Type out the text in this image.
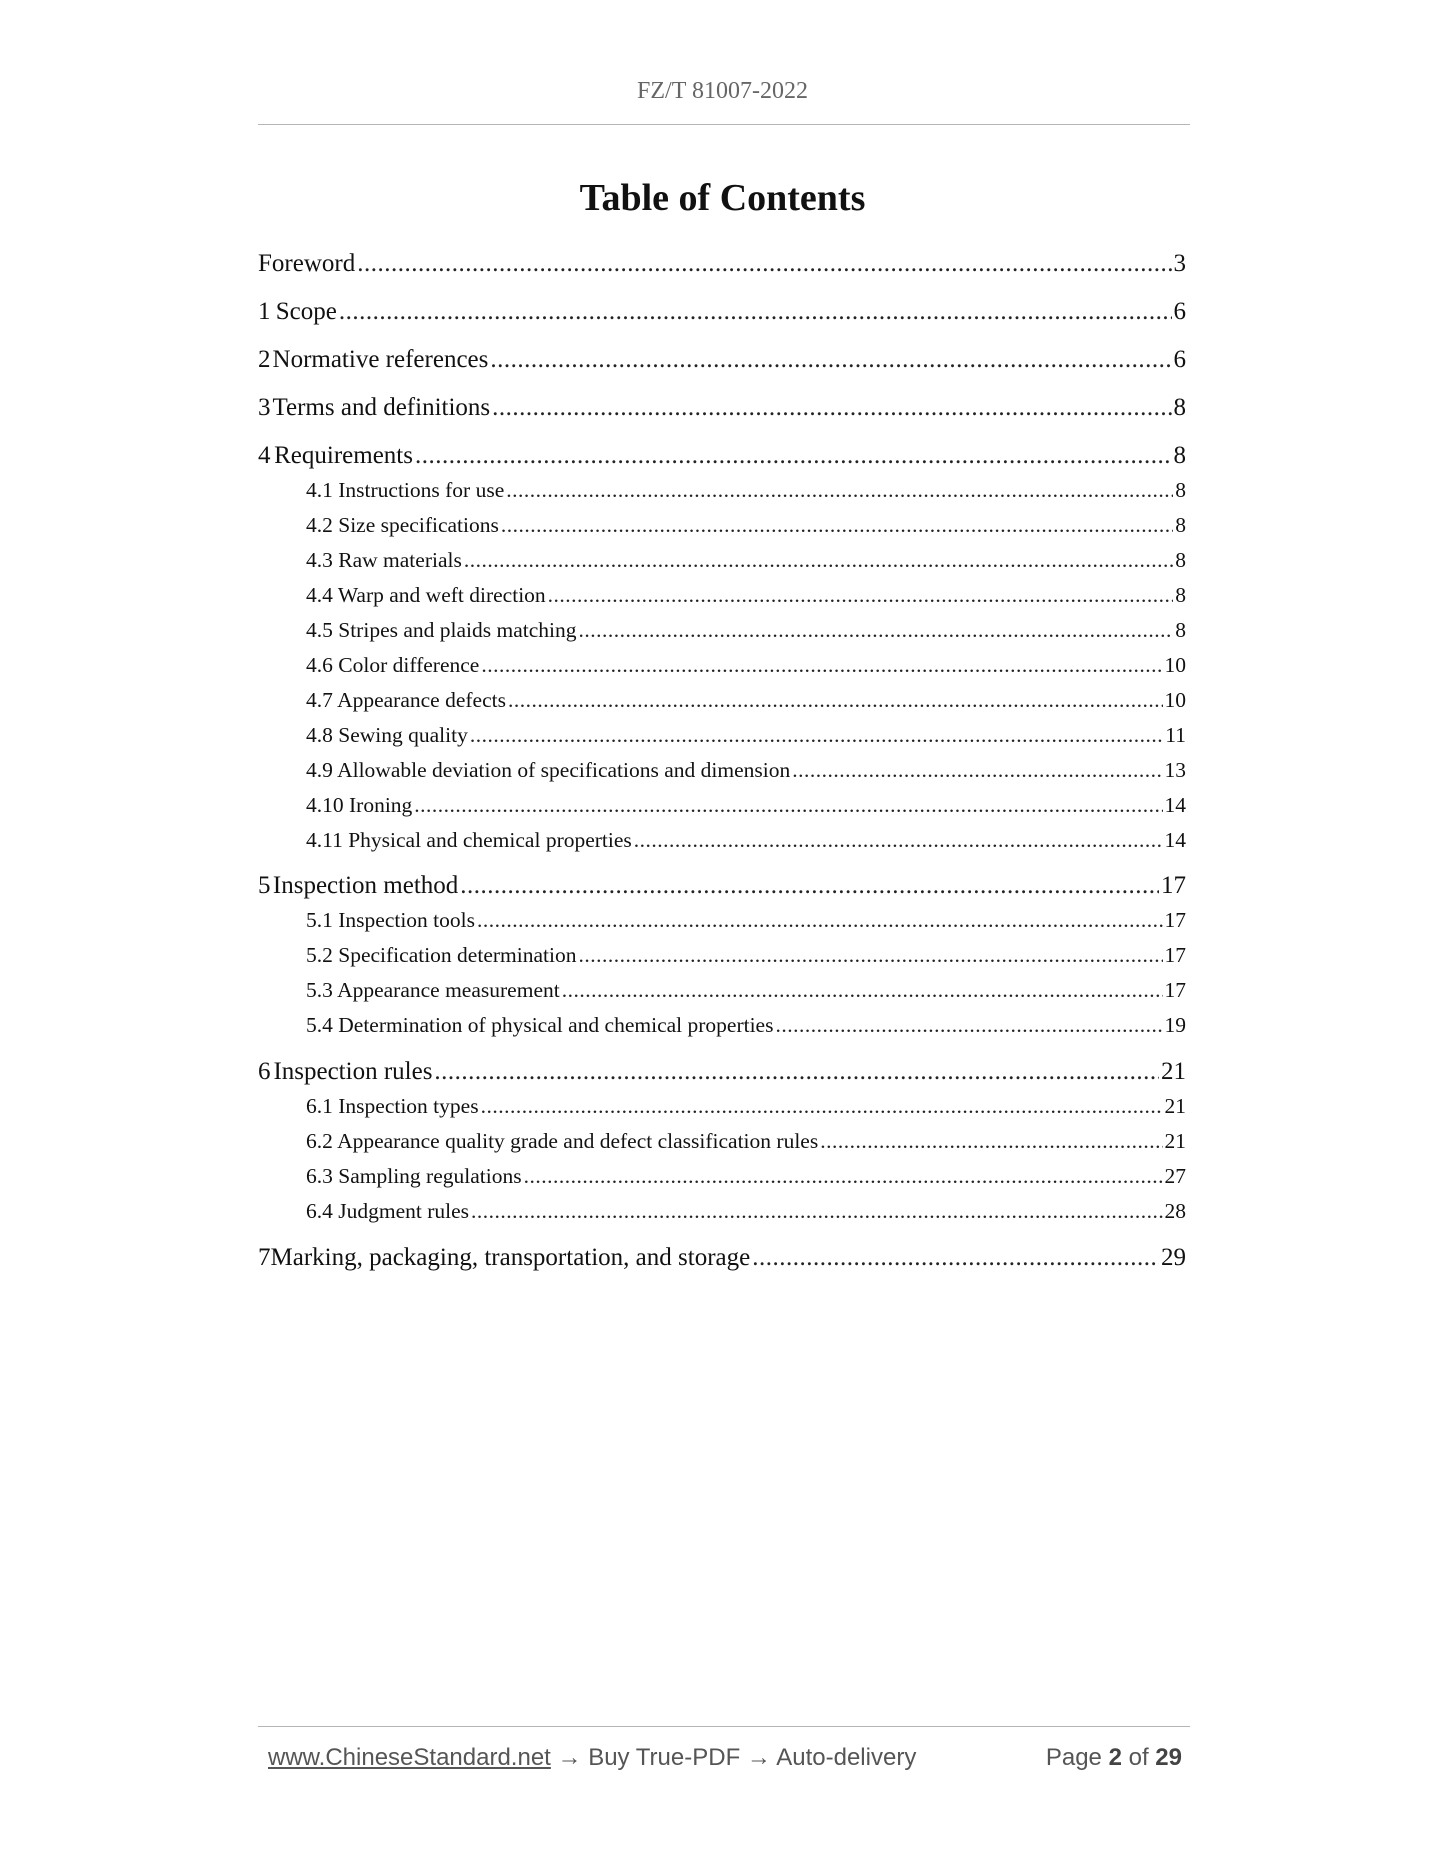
FZ/T 81007-2022
Table of Contents
Foreword .....	3
1 Scope .....	6
2 Normative references .....	6
3 Terms and definitions .....	8
4 Requirements .....	8
4.1 Instructions for use .....	8
4.2 Size specifications .....	8
4.3 Raw materials .....	8
4.4 Warp and weft direction .....	8
4.5 Stripes and plaids matching .....	8
4.6 Color difference .....	10
4.7 Appearance defects .....	10
4.8 Sewing quality .....	11
4.9 Allowable deviation of specifications and dimension .....	13
4.10 Ironing .....	14
4.11 Physical and chemical properties .....	14
5 Inspection method .....	17
5.1 Inspection tools .....	17
5.2 Specification determination .....	17
5.3 Appearance measurement .....	17
5.4 Determination of physical and chemical properties .....	19
6 Inspection rules .....	21
6.1 Inspection types .....	21
6.2 Appearance quality grade and defect classification rules .....	21
6.3 Sampling regulations .....	27
6.4 Judgment rules .....	28
7 Marking, packaging, transportation, and storage .....	29
www.ChineseStandard.net → Buy True-PDF → Auto-delivery	Page 2 of 29
